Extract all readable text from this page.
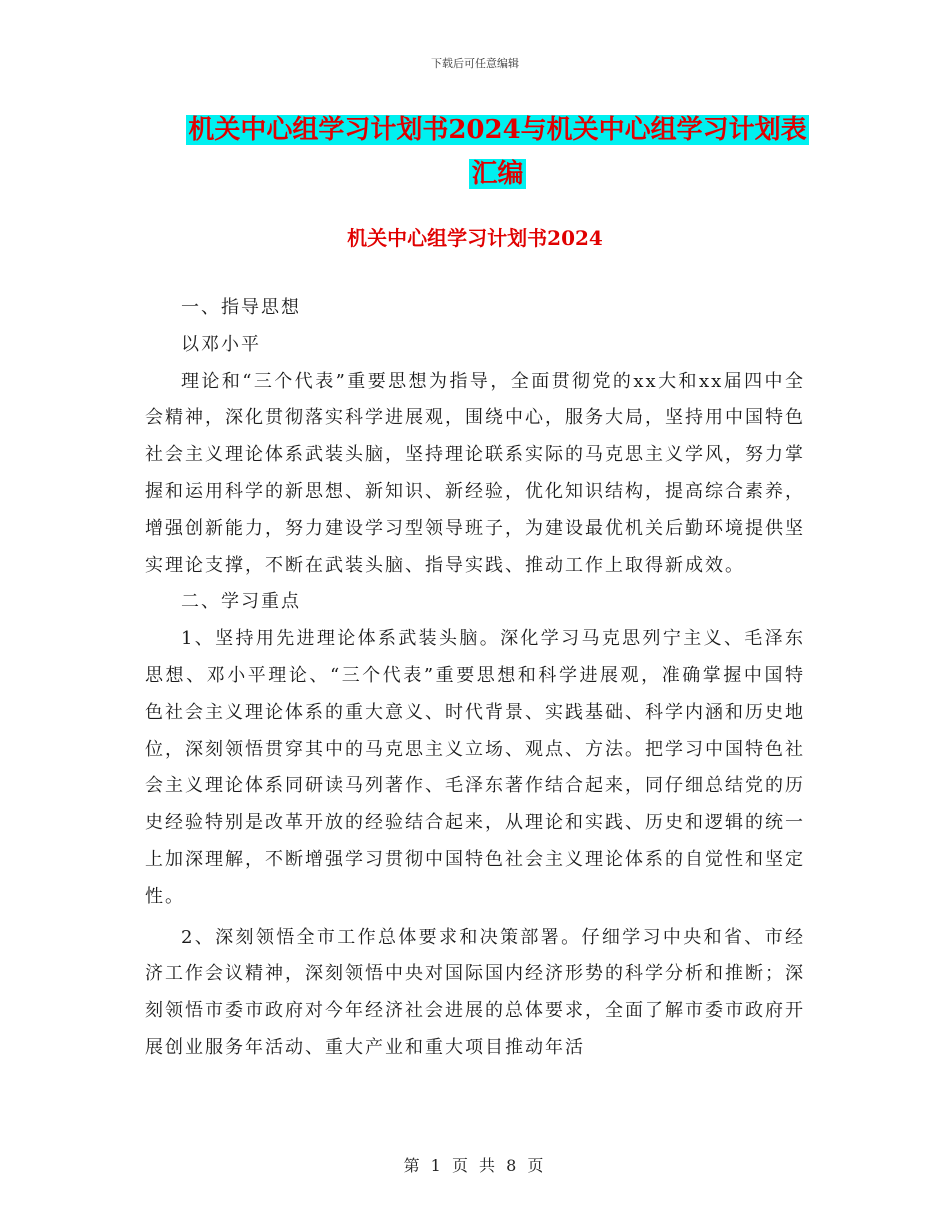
下载后可任意编辑
机关中心组学习计划书2024与机关中心组学习计划表
汇编
机关中心组学习计划书2024

一、指导思想

以邓小平

理论和“三个代表”重要思想为指导，全面贯彻党的xx大和xx届四中全会精神，深化贯彻落实科学进展观，围绕中心，服务大局，坚持用中国特色社会主义理论体系武装头脑，坚持理论联系实际的马克思主义学风，努力掌握和运用科学的新思想、新知识、新经验，优化知识结构，提高综合素养，增强创新能力，努力建设学习型领导班子，为建设最优机关后勤环境提供坚实理论支撑，不断在武装头脑、指导实践、推动工作上取得新成效。

二、学习重点

1、坚持用先进理论体系武装头脑。深化学习马克思列宁主义、毛泽东思想、邓小平理论、“三个代表”重要思想和科学进展观，准确掌握中国特色社会主义理论体系的重大意义、时代背景、实践基础、科学内涵和历史地位，深刻领悟贯穿其中的马克思主义立场、观点、方法。把学习中国特色社会主义理论体系同研读马列著作、毛泽东著作结合起来，同仔细总结党的历史经验特别是改革开放的经验结合起来，从理论和实践、历史和逻辑的统一上加深理解，不断增强学习贯彻中国特色社会主义理论体系的自觉性和坚定性。

2、深刻领悟全市工作总体要求和决策部署。仔细学习中央和省、市经济工作会议精神，深刻领悟中央对国际国内经济形势的科学分析和推断；深刻领悟市委市政府对今年经济社会进展的总体要求，全面了解市委市政府开展创业服务年活动、重大产业和重大项目推动年活

第 1 页 共 8 页
